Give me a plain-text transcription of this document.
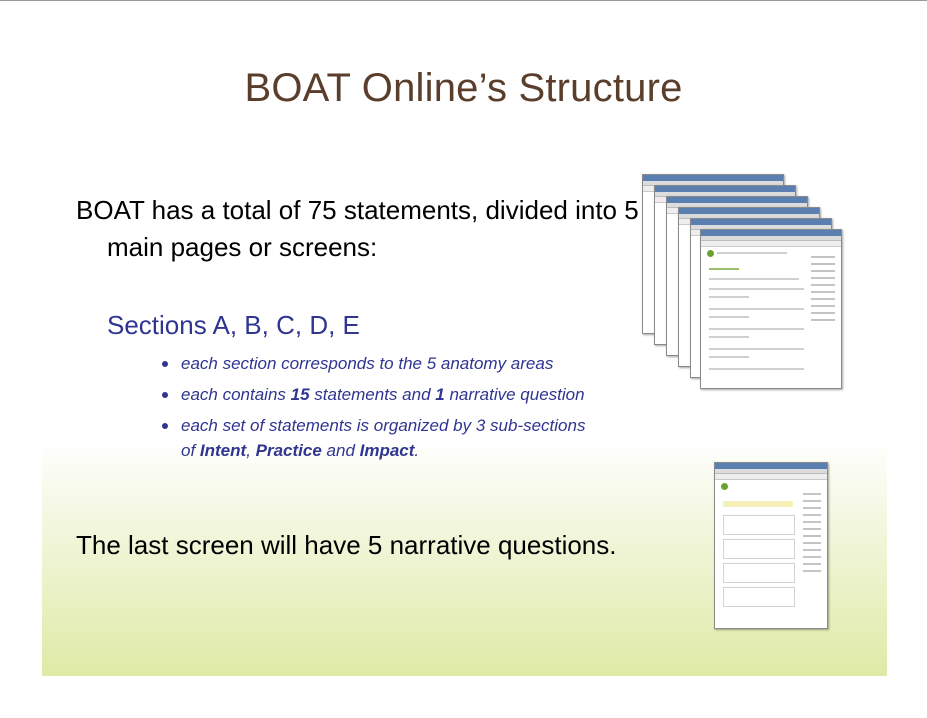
BOAT Online’s Structure
BOAT has a total of 75 statements, divided into 5 main pages or screens:
Sections A, B, C, D, E
each section corresponds to the 5 anatomy areas
each contains 15 statements and 1 narrative question
each set of statements is organized by 3 sub-sections of Intent, Practice and Impact.
The last screen will have 5 narrative questions.
